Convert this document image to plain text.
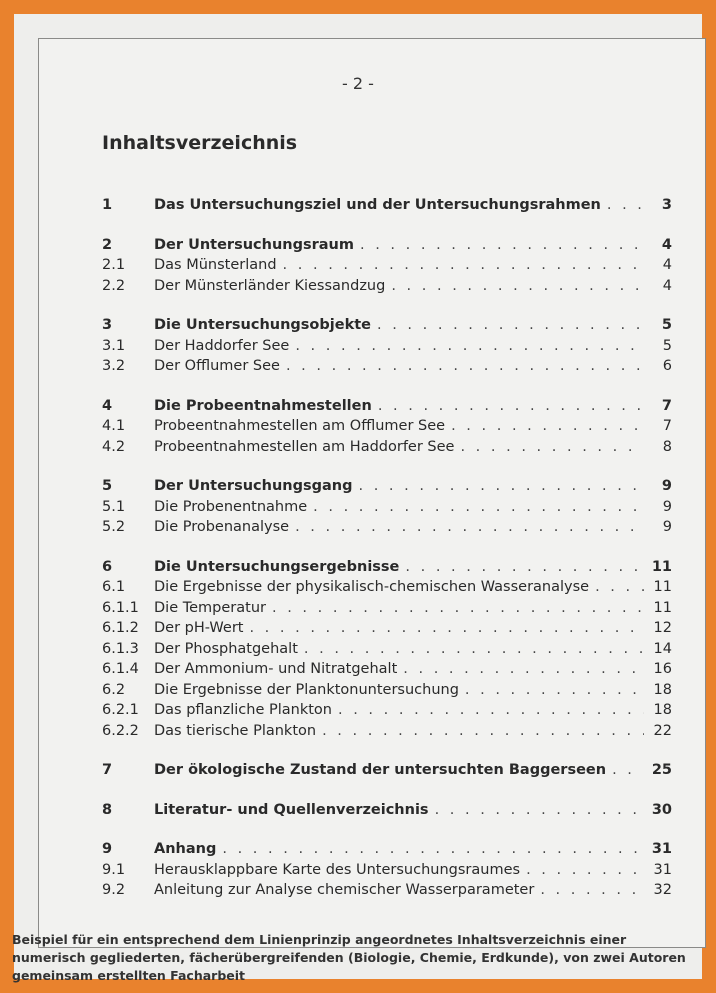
- 2 -
Inhaltsverzeichnis
1	Das Untersuchungsziel und der Untersuchungsrahmen . . .	3
2	Der Untersuchungsraum . . .	4
2.1	Das Münsterland . . .	4
2.2	Der Münsterländer Kiessandzug . . .	4
3	Die Untersuchungsobjekte . . .	5
3.1	Der Haddorfer See . . .	5
3.2	Der Offlumer See . . .	6
4	Die Probeentnahmestellen . . .	7
4.1	Probeentnahmestellen am Offlumer See . . .	7
4.2	Probeentnahmestellen am Haddorfer See . . .	8
5	Der Untersuchungsgang . . .	9
5.1	Die Probenentnahme . . .	9
5.2	Die Probenanalyse . . .	9
6	Die Untersuchungsergebnisse . . .	11
6.1	Die Ergebnisse der physikalisch-chemischen Wasseranalyse . . .	11
6.1.1	Die Temperatur . . .	11
6.1.2	Der pH-Wert . . .	12
6.1.3	Der Phosphatgehalt . . .	14
6.1.4	Der Ammonium- und Nitratgehalt . . .	16
6.2	Die Ergebnisse der Planktonuntersuchung . . .	18
6.2.1	Das pflanzliche Plankton . . .	18
6.2.2	Das tierische Plankton . . .	22
7	Der ökologische Zustand der untersuchten Baggerseen . . .	25
8	Literatur- und Quellenverzeichnis . . .	30
9	Anhang . . .	31
9.1	Herausklappbare Karte des Untersuchungsraumes . . .	31
9.2	Anleitung zur Analyse chemischer Wasserparameter . . .	32

Beispiel für ein entsprechend dem Linienprinzip angeordnetes Inhaltsverzeichnis einer numerisch gegliederten, fächerübergreifenden (Biologie, Chemie, Erdkunde), von zwei Autoren gemeinsam erstellten Facharbeit
